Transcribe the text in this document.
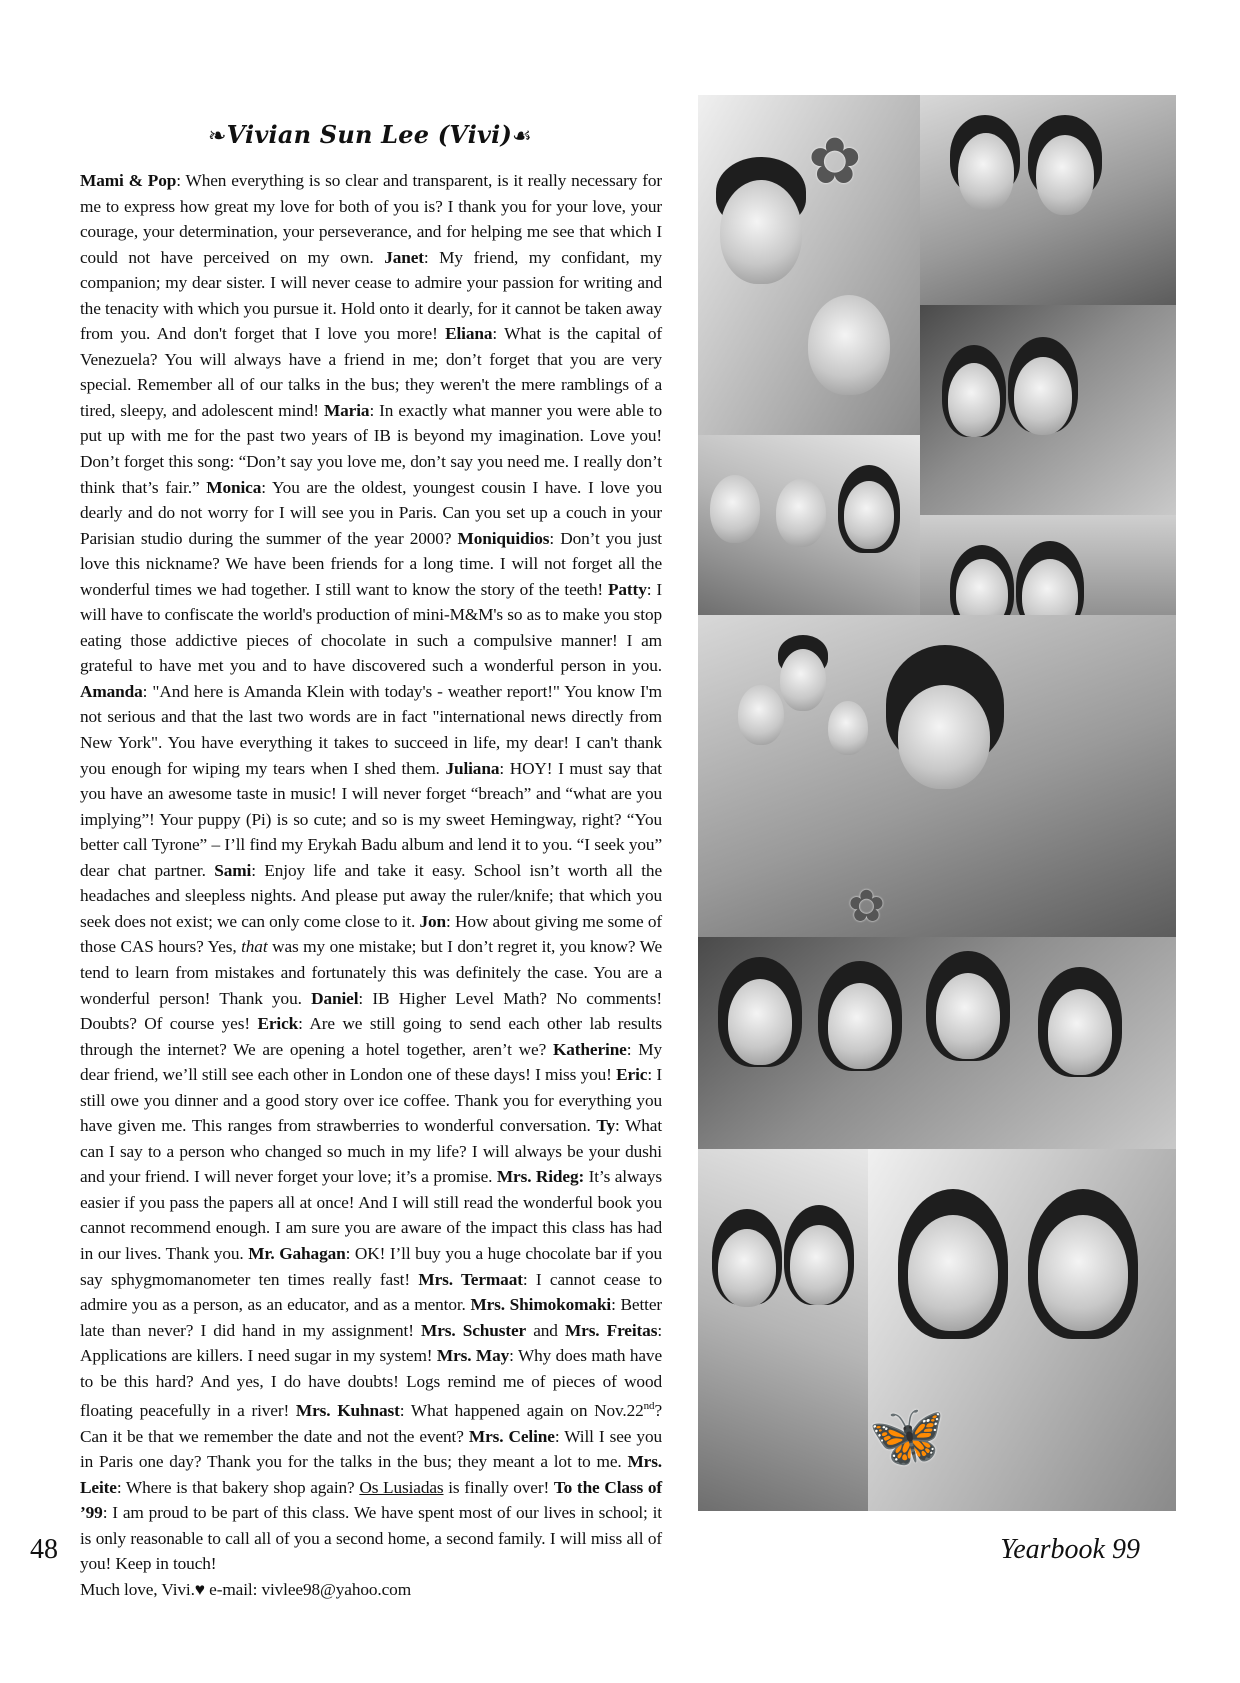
❧Vivian Sun Lee (Vivi)☙
Mami & Pop: When everything is so clear and transparent, is it really necessary for me to express how great my love for both of you is? I thank you for your love, your courage, your determination, your perseverance, and for helping me see that which I could not have perceived on my own. Janet: My friend, my confidant, my companion; my dear sister. I will never cease to admire your passion for writing and the tenacity with which you pursue it. Hold onto it dearly, for it cannot be taken away from you. And don't forget that I love you more! Eliana: What is the capital of Venezuela? You will always have a friend in me; don’t forget that you are very special. Remember all of our talks in the bus; they weren't the mere ramblings of a tired, sleepy, and adolescent mind! Maria: In exactly what manner you were able to put up with me for the past two years of IB is beyond my imagination. Love you! Don’t forget this song: “Don’t say you love me, don’t say you need me. I really don’t think that’s fair.” Monica: You are the oldest, youngest cousin I have. I love you dearly and do not worry for I will see you in Paris. Can you set up a couch in your Parisian studio during the summer of the year 2000? Moniquidios: Don’t you just love this nickname? We have been friends for a long time. I will not forget all the wonderful times we had together. I still want to know the story of the teeth! Patty: I will have to confiscate the world's production of mini-M&M's so as to make you stop eating those addictive pieces of chocolate in such a compulsive manner! I am grateful to have met you and to have discovered such a wonderful person in you. Amanda: "And here is Amanda Klein with today's - weather report!" You know I'm not serious and that the last two words are in fact "international news directly from New York". You have everything it takes to succeed in life, my dear! I can't thank you enough for wiping my tears when I shed them. Juliana: HOY! I must say that you have an awesome taste in music! I will never forget “breach” and “what are you implying”! Your puppy (Pi) is so cute; and so is my sweet Hemingway, right? “You better call Tyrone” – I’ll find my Erykah Badu album and lend it to you. “I seek you” dear chat partner. Sami: Enjoy life and take it easy. School isn’t worth all the headaches and sleepless nights. And please put away the ruler/knife; that which you seek does not exist; we can only come close to it. Jon: How about giving me some of those CAS hours? Yes, that was my one mistake; but I don’t regret it, you know? We tend to learn from mistakes and fortunately this was definitely the case. You are a wonderful person! Thank you. Daniel: IB Higher Level Math? No comments! Doubts? Of course yes! Erick: Are we still going to send each other lab results through the internet? We are opening a hotel together, aren’t we? Katherine: My dear friend, we’ll still see each other in London one of these days! I miss you! Eric: I still owe you dinner and a good story over ice coffee. Thank you for everything you have given me. This ranges from strawberries to wonderful conversation. Ty: What can I say to a person who changed so much in my life? I will always be your dushi and your friend. I will never forget your love; it’s a promise. Mrs. Rideg: It’s always easier if you pass the papers all at once! And I will still read the wonderful book you cannot recommend enough. I am sure you are aware of the impact this class has had in our lives. Thank you. Mr. Gahagan: OK! I’ll buy you a huge chocolate bar if you say sphygmomanometer ten times really fast! Mrs. Termaat: I cannot cease to admire you as a person, as an educator, and as a mentor. Mrs. Shimokomaki: Better late than never? I did hand in my assignment! Mrs. Schuster and Mrs. Freitas: Applications are killers. I need sugar in my system! Mrs. May: Why does math have to be this hard? And yes, I do have doubts! Logs remind me of pieces of wood floating peacefully in a river! Mrs. Kuhnast: What happened again on Nov.22nd? Can it be that we remember the date and not the event? Mrs. Celine: Will I see you in Paris one day? Thank you for the talks in the bus; they meant a lot to me. Mrs. Leite: Where is that bakery shop again? Os Lusiadas is finally over! To the Class of ’99: I am proud to be part of this class. We have spent most of our lives in school; it is only reasonable to call all of you a second home, a second family. I will miss all of you! Keep in touch!
Much love, Vivi.♥ e-mail: vivlee98@yahoo.com
✿
✿
🦋
48	Yearbook 99
